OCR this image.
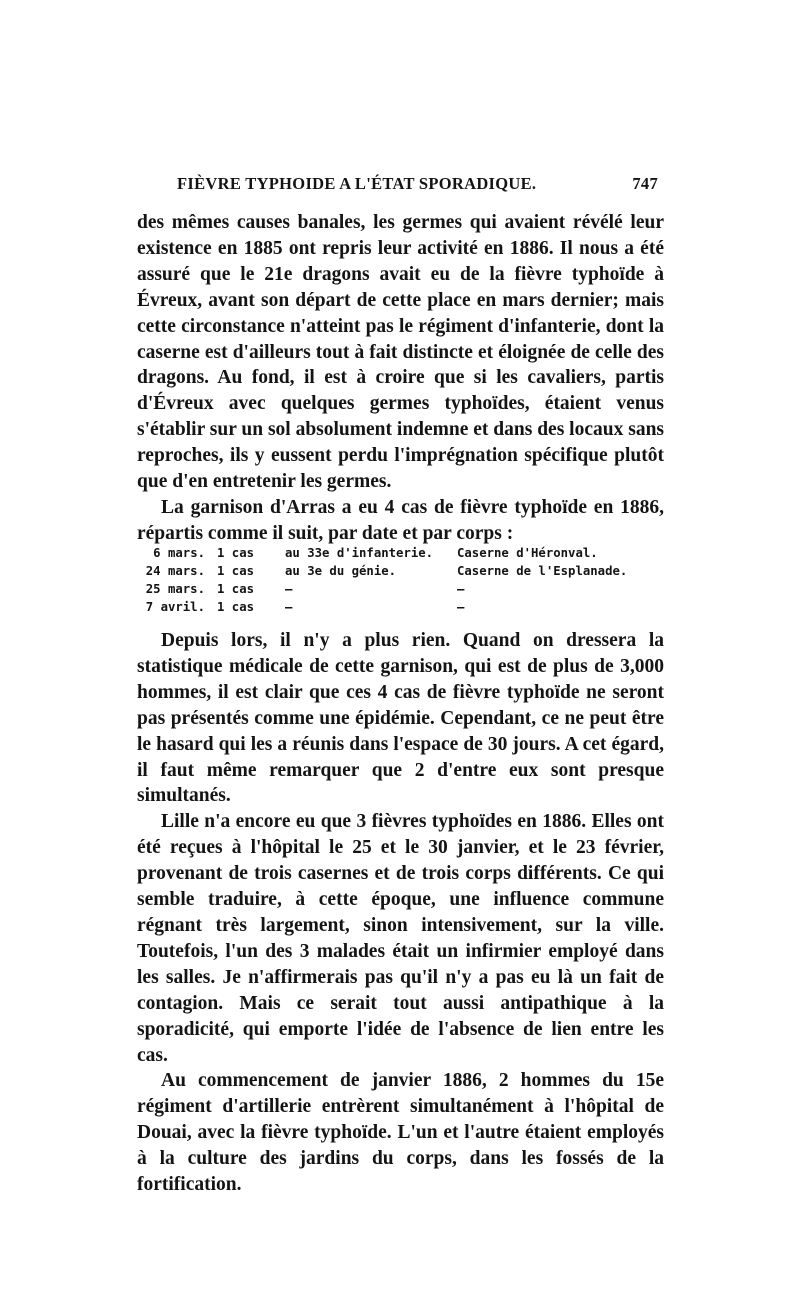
FIÈVRE TYPHOIDE A L'ÉTAT SPORADIQUE.	747

des mêmes causes banales, les germes qui avaient révélé leur existence en 1885 ont repris leur activité en 1886. Il nous a été assuré que le 21e dragons avait eu de la fièvre typhoïde à Évreux, avant son départ de cette place en mars dernier; mais cette circonstance n'atteint pas le régiment d'infanterie, dont la caserne est d'ailleurs tout à fait distincte et éloignée de celle des dragons. Au fond, il est à croire que si les cavaliers, partis d'Évreux avec quelques germes typhoïdes, étaient venus s'établir sur un sol absolument indemne et dans des locaux sans reproches, ils y eussent perdu l'imprégnation spécifique plutôt que d'en entretenir les germes.

La garnison d'Arras a eu 4 cas de fièvre typhoïde en 1886, répartis comme il suit, par date et par corps :

6 mars. 1 cas	au 33e d'infanterie. Caserne d'Héronval.
24 mars. 1 cas	au 3e du génie.	Caserne de l'Esplanade.
25 mars. 1 cas	—	—
7 avril. 1 cas	—	—

Depuis lors, il n'y a plus rien. Quand on dressera la statistique médicale de cette garnison, qui est de plus de 3,000 hommes, il est clair que ces 4 cas de fièvre typhoïde ne seront pas présentés comme une épidémie. Cependant, ce ne peut être le hasard qui les a réunis dans l'espace de 30 jours. A cet égard, il faut même remarquer que 2 d'entre eux sont presque simultanés.

Lille n'a encore eu que 3 fièvres typhoïdes en 1886. Elles ont été reçues à l'hôpital le 25 et le 30 janvier, et le 23 février, provenant de trois casernes et de trois corps différents. Ce qui semble traduire, à cette époque, une influence commune régnant très largement, sinon intensivement, sur la ville. Toutefois, l'un des 3 malades était un infirmier employé dans les salles. Je n'affirmerais pas qu'il n'y a pas eu là un fait de contagion. Mais ce serait tout aussi antipathique à la sporadicité, qui emporte l'idée de l'absence de lien entre les cas.

Au commencement de janvier 1886, 2 hommes du 15e régiment d'artillerie entrèrent simultanément à l'hôpital de Douai, avec la fièvre typhoïde. L'un et l'autre étaient employés à la culture des jardins du corps, dans les fossés de la fortification.
